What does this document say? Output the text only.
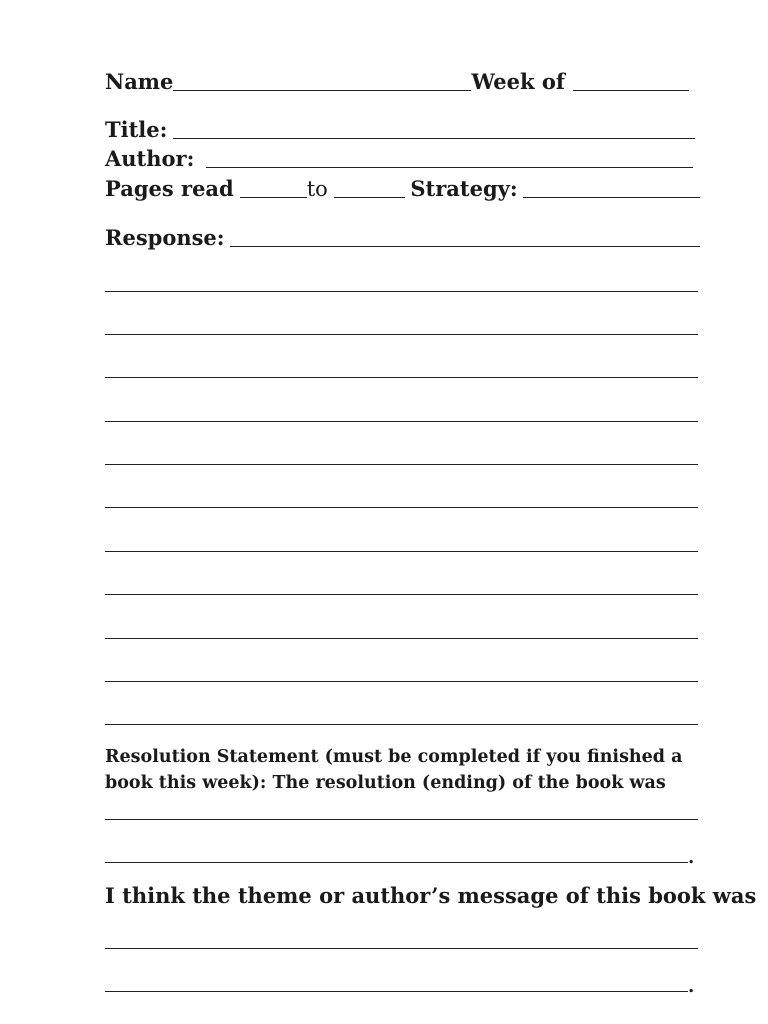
Name	Week of
Title:
Author:
Pages read	to	Strategy:
Response:
Resolution Statement (must be completed if you finished a book this week): The resolution (ending) of the book was
.
I think the theme or author’s message of this book was
.
